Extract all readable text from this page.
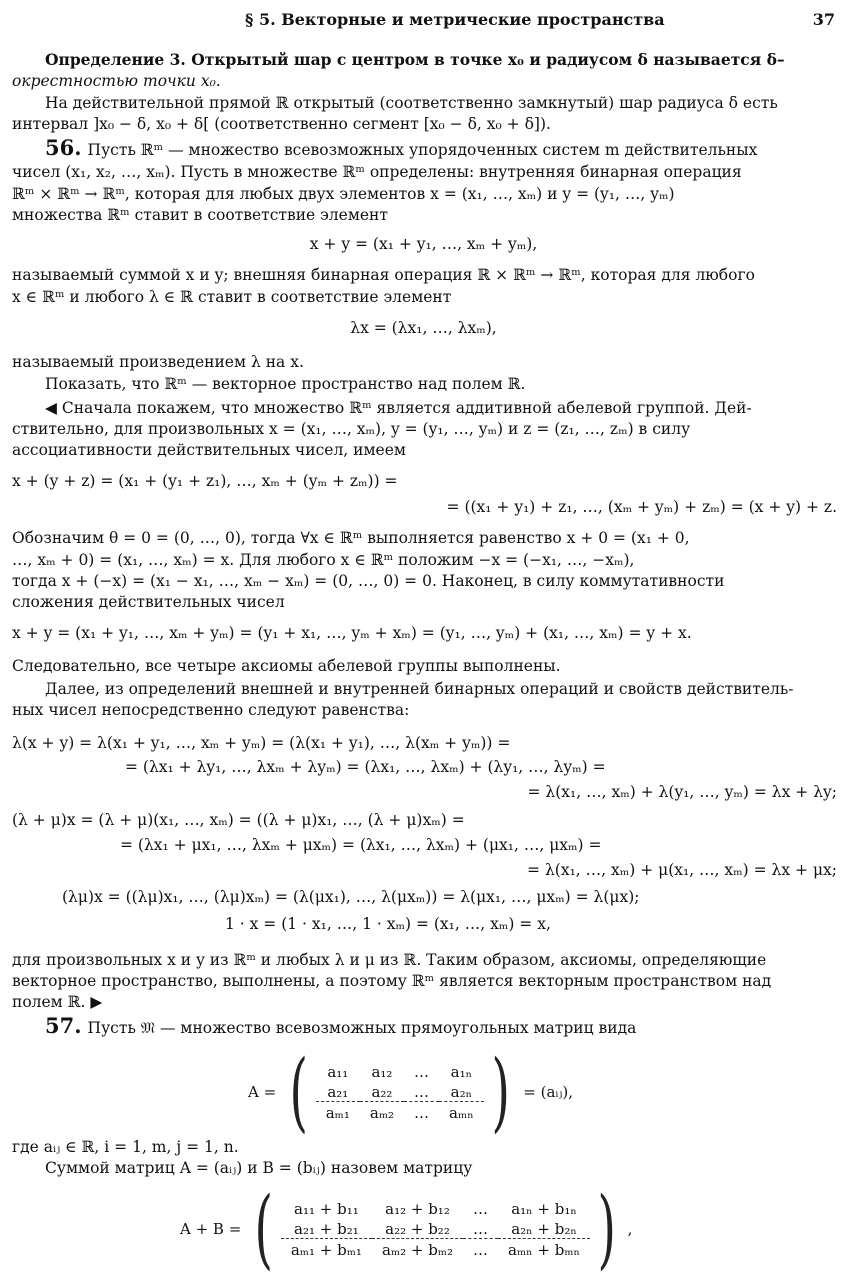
§ 5. Векторные и метрические пространства	37
Определение 3. Открытый шар с центром в точке x₀ и радиусом δ называется δ–
окрестностью точки x₀.
На действительной прямой ℝ открытый (соответственно замкнутый) шар радиуса δ есть
интервал ]x₀ − δ, x₀ + δ[ (соответственно сегмент [x₀ − δ, x₀ + δ]).
56. Пусть ℝᵐ — множество всевозможных упорядоченных систем m действительных
чисел (x₁, x₂, …, xₘ). Пусть в множестве ℝᵐ определены: внутренняя бинарная операция
ℝᵐ × ℝᵐ → ℝᵐ, которая для любых двух элементов x = (x₁, …, xₘ) и y = (y₁, …, yₘ)
множества ℝᵐ ставит в соответствие элемент
x + y = (x₁ + y₁, …, xₘ + yₘ),
называемый суммой x и y; внешняя бинарная операция ℝ × ℝᵐ → ℝᵐ, которая для любого
x ∈ ℝᵐ и любого λ ∈ ℝ ставит в соответствие элемент
λx = (λx₁, …, λxₘ),
называемый произведением λ на x.
Показать, что ℝᵐ — векторное пространство над полем ℝ.
◀ Сначала покажем, что множество ℝᵐ является аддитивной абелевой группой. Дей-
ствительно, для произвольных x = (x₁, …, xₘ), y = (y₁, …, yₘ) и z = (z₁, …, zₘ) в силу
ассоциативности действительных чисел, имеем
x + (y + z) = (x₁ + (y₁ + z₁), …, xₘ + (yₘ + zₘ)) =
= ((x₁ + y₁) + z₁, …, (xₘ + yₘ) + zₘ) = (x + y) + z.
Обозначим θ = 0 = (0, …, 0), тогда ∀x ∈ ℝᵐ выполняется равенство x + 0 = (x₁ + 0,
…, xₘ + 0) = (x₁, …, xₘ) = x. Для любого x ∈ ℝᵐ положим −x = (−x₁, …, −xₘ),
тогда x + (−x) = (x₁ − x₁, …, xₘ − xₘ) = (0, …, 0) = 0. Наконец, в силу коммутативности
сложения действительных чисел
x + y = (x₁ + y₁, …, xₘ + yₘ) = (y₁ + x₁, …, yₘ + xₘ) = (y₁, …, yₘ) + (x₁, …, xₘ) = y + x.
Следовательно, все четыре аксиомы абелевой группы выполнены.
Далее, из определений внешней и внутренней бинарных операций и свойств действитель-
ных чисел непосредственно следуют равенства:
λ(x + y) = λ(x₁ + y₁, …, xₘ + yₘ) = (λ(x₁ + y₁), …, λ(xₘ + yₘ)) =
= (λx₁ + λy₁, …, λxₘ + λyₘ) = (λx₁, …, λxₘ) + (λy₁, …, λyₘ) =
= λ(x₁, …, xₘ) + λ(y₁, …, yₘ) = λx + λy;
(λ + μ)x = (λ + μ)(x₁, …, xₘ) = ((λ + μ)x₁, …, (λ + μ)xₘ) =
= (λx₁ + μx₁, …, λxₘ + μxₘ) = (λx₁, …, λxₘ) + (μx₁, …, μxₘ) =
= λ(x₁, …, xₘ) + μ(x₁, …, xₘ) = λx + μx;
(λμ)x = ((λμ)x₁, …, (λμ)xₘ) = (λ(μx₁), …, λ(μxₘ)) = λ(μx₁, …, μxₘ) = λ(μx);
1 · x = (1 · x₁, …, 1 · xₘ) = (x₁, …, xₘ) = x,
для произвольных x и y из ℝᵐ и любых λ и μ из ℝ. Таким образом, аксиомы, определяющие
векторное пространство, выполнены, а поэтому ℝᵐ является векторным пространством над
полем ℝ. ▶
57. Пусть 𝔐 — множество всевозможных прямоугольных матриц вида
A = (	a₁₁	a₁₂	…	a₁ₙ
a₂₁	a₂₂	…	a₂ₙ
aₘ₁	aₘ₂	…	aₘₙ ) = (aᵢⱼ),
где aᵢⱼ ∈ ℝ, i = 1, m, j = 1, n.
Суммой матриц A = (aᵢⱼ) и B = (bᵢⱼ) назовем матрицу
A + B = (	a₁₁ + b₁₁	a₁₂ + b₁₂	…	a₁ₙ + b₁ₙ
a₂₁ + b₂₁	a₂₂ + b₂₂	…	a₂ₙ + b₂ₙ
aₘ₁ + bₘ₁	aₘ₂ + bₘ₂	…	aₘₙ + bₘₙ ) ,
